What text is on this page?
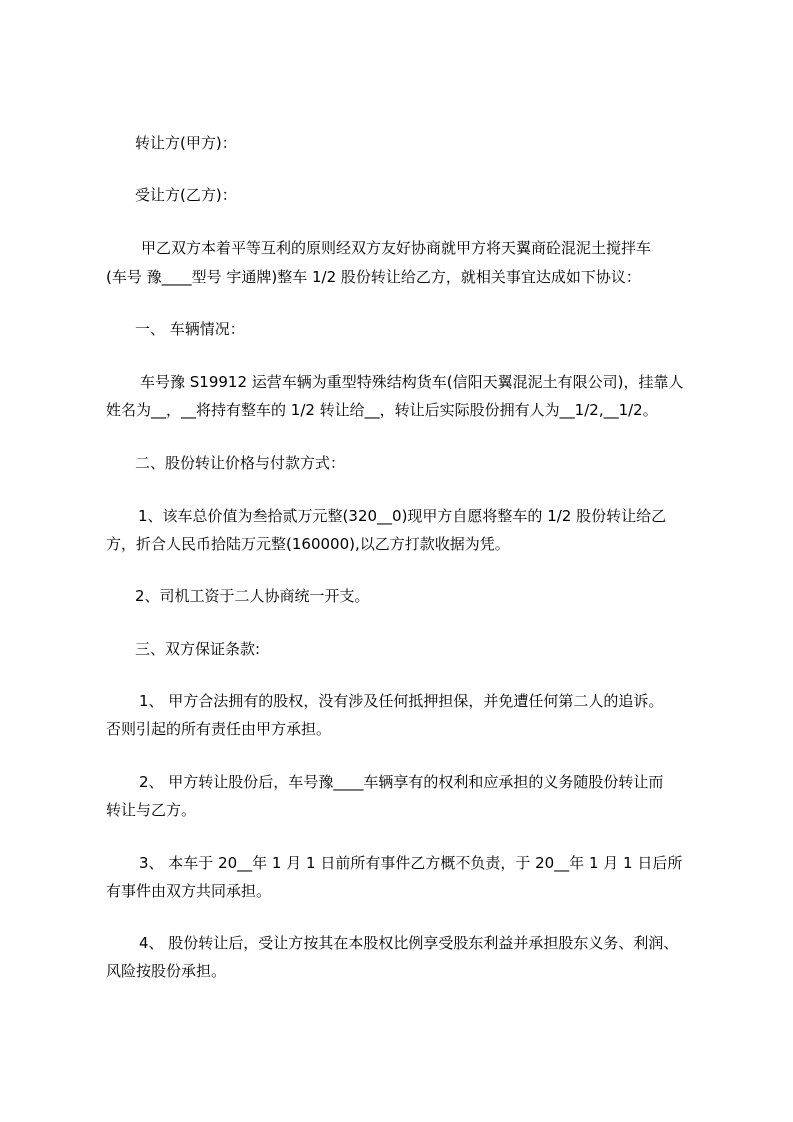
转让方(甲方)：
受让方(乙方)：
甲乙双方本着平等互利的原则经双方友好协商就甲方将天翼商砼混泥土搅拌车
(车号 豫____型号 宇通牌)整车 1/2 股份转让给乙方，就相关事宜达成如下协议：
一、 车辆情况：
车号豫 S19912 运营车辆为重型特殊结构货车(信阳天翼混泥土有限公司)，挂靠人
姓名为__，__将持有整车的 1/2 转让给__，转让后实际股份拥有人为__1/2,__1/2。
二、股份转让价格与付款方式：
1、该车总价值为叁拾贰万元整(320__0)现甲方自愿将整车的 1/2 股份转让给乙
方，折合人民币拾陆万元整(160000),以乙方打款收据为凭。
2、司机工资于二人协商统一开支。
三、双方保证条款:
1、 甲方合法拥有的股权，没有涉及任何抵押担保，并免遭任何第二人的追诉。
否则引起的所有责任由甲方承担。
2、 甲方转让股份后，车号豫____车辆享有的权利和应承担的义务随股份转让而
转让与乙方。
3、 本车于 20__年 1 月 1 日前所有事件乙方概不负责，于 20__年 1 月 1 日后所
有事件由双方共同承担。
4、 股份转让后，受让方按其在本股权比例享受股东利益并承担股东义务、利润、
风险按股份承担。
